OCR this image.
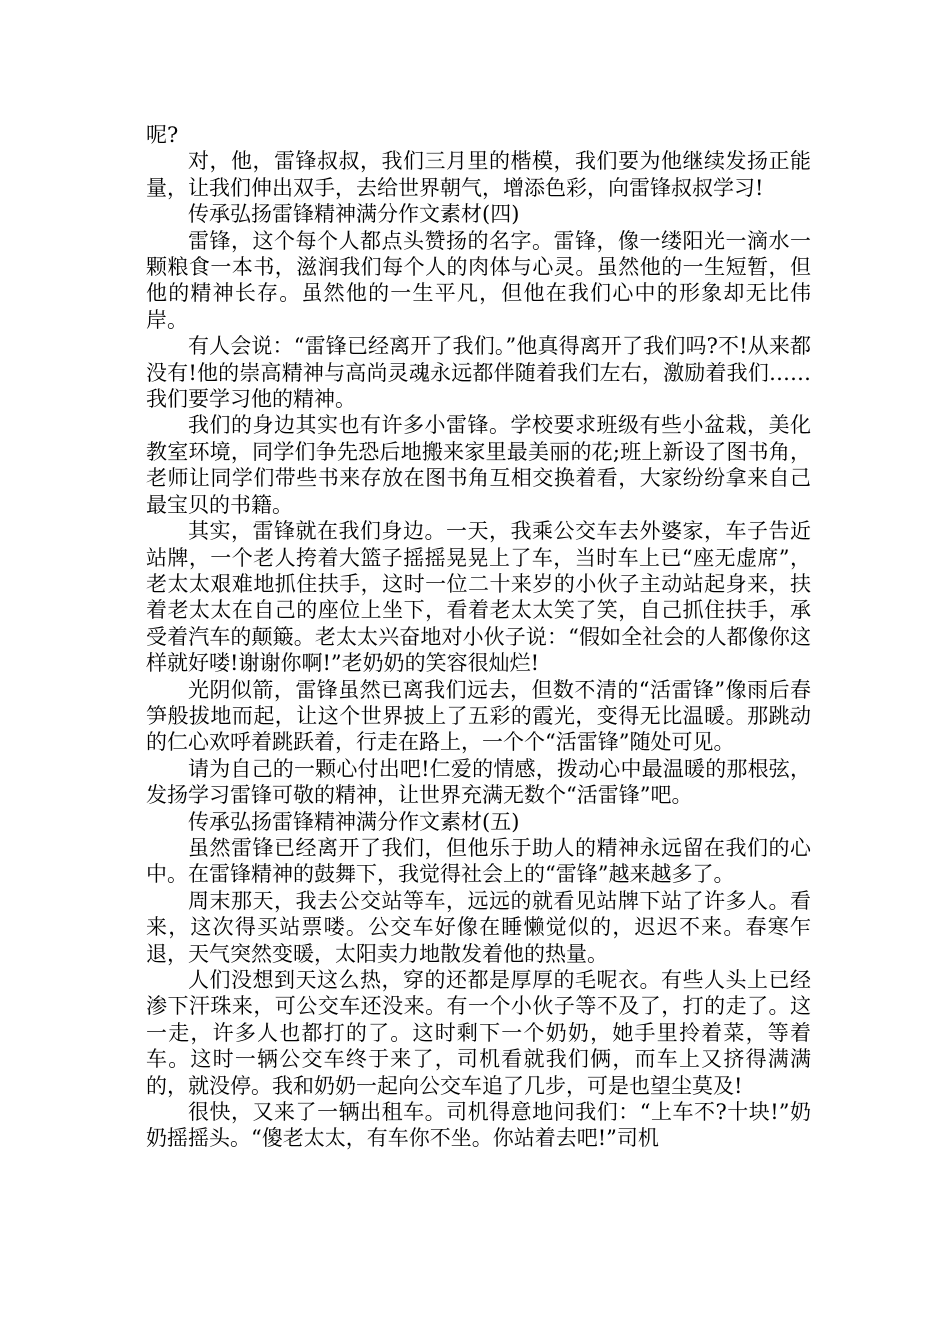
呢?

对，他，雷锋叔叔，我们三月里的楷模，我们要为他继续发扬正能量，让我们伸出双手，去给世界朝气，增添色彩，向雷锋叔叔学习!

传承弘扬雷锋精神满分作文素材(四)

雷锋，这个每个人都点头赞扬的名字。雷锋，像一缕阳光一滴水一颗粮食一本书，滋润我们每个人的肉体与心灵。虽然他的一生短暂，但他的精神长存。虽然他的一生平凡，但他在我们心中的形象却无比伟岸。

有人会说：“雷锋已经离开了我们。”他真得离开了我们吗?不!从来都没有!他的崇高精神与高尚灵魂永远都伴随着我们左右，激励着我们……我们要学习他的精神。

我们的身边其实也有许多小雷锋。学校要求班级有些小盆栽，美化教室环境，同学们争先恐后地搬来家里最美丽的花;班上新设了图书角，老师让同学们带些书来存放在图书角互相交换着看，大家纷纷拿来自己最宝贝的书籍。

其实，雷锋就在我们身边。一天，我乘公交车去外婆家，车子告近站牌，一个老人挎着大篮子摇摇晃晃上了车，当时车上已“座无虚席”，老太太艰难地抓住扶手，这时一位二十来岁的小伙子主动站起身来，扶着老太太在自己的座位上坐下，看着老太太笑了笑，自己抓住扶手，承受着汽车的颠簸。老太太兴奋地对小伙子说：“假如全社会的人都像你这样就好喽!谢谢你啊!”老奶奶的笑容很灿烂!

光阴似箭，雷锋虽然已离我们远去，但数不清的“活雷锋”像雨后春笋般拔地而起，让这个世界披上了五彩的霞光，变得无比温暖。那跳动的仁心欢呼着跳跃着，行走在路上，一个个“活雷锋”随处可见。

请为自己的一颗心付出吧!仁爱的情感，拨动心中最温暖的那根弦，发扬学习雷锋可敬的精神，让世界充满无数个“活雷锋”吧。

传承弘扬雷锋精神满分作文素材(五)

虽然雷锋已经离开了我们，但他乐于助人的精神永远留在我们的心中。在雷锋精神的鼓舞下，我觉得社会上的“雷锋”越来越多了。

周末那天，我去公交站等车，远远的就看见站牌下站了许多人。看来，这次得买站票喽。公交车好像在睡懒觉似的，迟迟不来。春寒乍退，天气突然变暖，太阳卖力地散发着他的热量。

人们没想到天这么热，穿的还都是厚厚的毛呢衣。有些人头上已经渗下汗珠来，可公交车还没来。有一个小伙子等不及了，打的走了。这一走，许多人也都打的了。这时剩下一个奶奶，她手里拎着菜，等着车。这时一辆公交车终于来了，司机看就我们俩，而车上又挤得满满的，就没停。我和奶奶一起向公交车追了几步，可是也望尘莫及!

很快，又来了一辆出租车。司机得意地问我们：“上车不?十块!”奶奶摇摇头。“傻老太太，有车你不坐。你站着去吧!”司机
